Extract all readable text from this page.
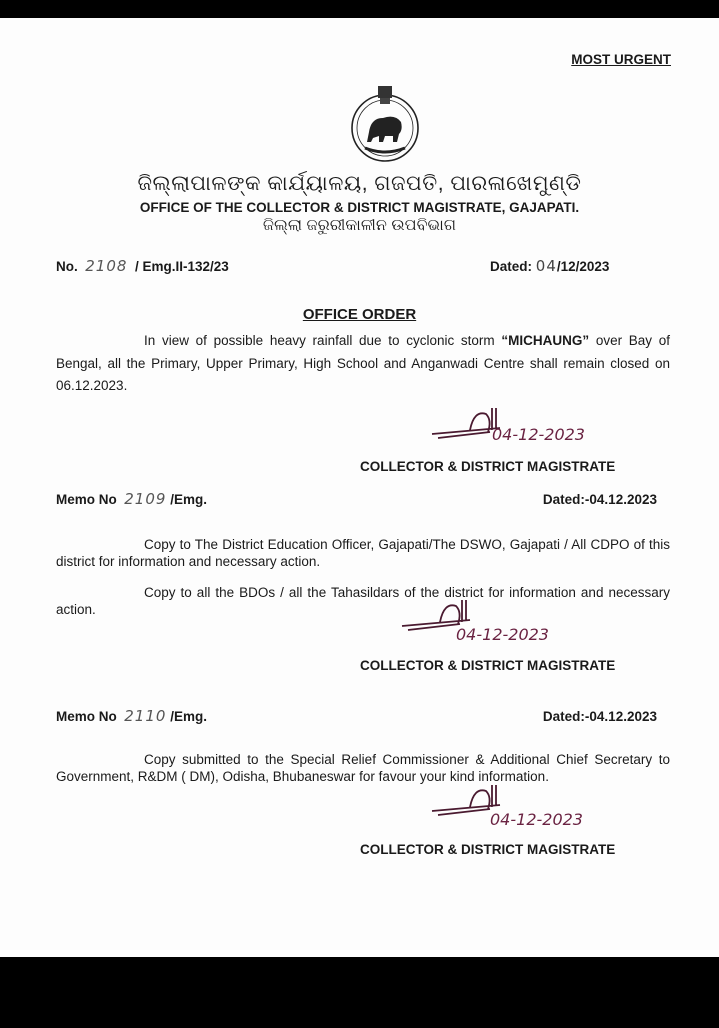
MOST URGENT
ଜିଲ୍ଲାପାଳଙ୍କ କାର୍ଯ୍ୟାଳୟ, ଗଜପତି, ପାରଳାଖେମୁଣ୍ଡି
OFFICE OF THE COLLECTOR & DISTRICT MAGISTRATE, GAJAPATI.
ଜିଲ୍ଲା ଜରୁରୀକାଳୀନ ଉପବିଭାଗ
No. 2108 / Emg.II-132/23	Dated: 04/12/2023
OFFICE ORDER
In view of possible heavy rainfall due to cyclonic storm “MICHAUNG” over Bay of Bengal, all the Primary, Upper Primary, High School and Anganwadi Centre shall remain closed on 06.12.2023.
04-12-2023
COLLECTOR & DISTRICT MAGISTRATE
Memo No 2109 /Emg.	Dated:-04.12.2023
Copy to The District Education Officer, Gajapati/The DSWO, Gajapati / All CDPO of this district for information and necessary action.
Copy to all the BDOs / all the Tahasildars of the district for information and necessary action.
04-12-2023
COLLECTOR & DISTRICT MAGISTRATE
Memo No 2110 /Emg.	Dated:-04.12.2023
Copy submitted to the Special Relief Commissioner & Additional Chief Secretary to Government, R&DM ( DM), Odisha, Bhubaneswar for favour your kind information.
04-12-2023
COLLECTOR & DISTRICT MAGISTRATE
